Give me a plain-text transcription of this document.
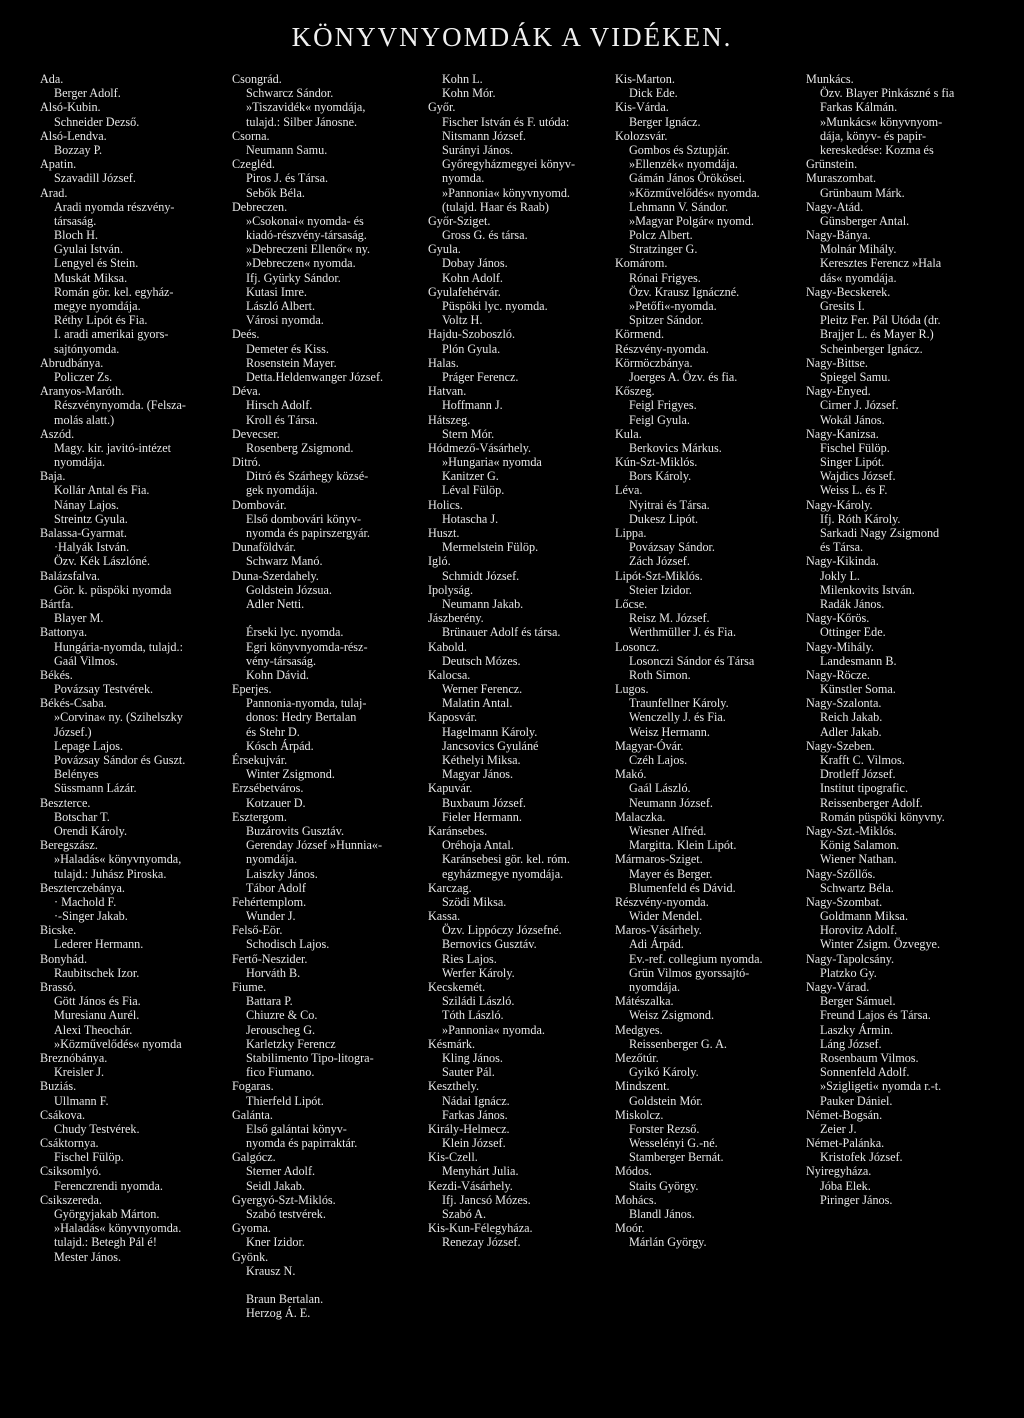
KÖNYVNYOMDÁK A VIDÉKEN.
Ada.
Berger Adolf.
Alsó-Kubin.
Schneider Dezső.
Alsó-Lendva.
Bozzay P.
Apatin.
Szavadill József.
Arad.
Aradi nyomda részvény-
társaság.
Bloch H.
Gyulai István.
Lengyel és Stein.
Muskát Miksa.
Román gör. kel. egyház-
megye nyomdája.
Réthy Lipót és Fia.
I. aradi amerikai gyors-
sajtónyomda.
Abrudbánya.
Policzer Zs.
Aranyos-Maróth.
Részvénynyomda. (Felsza-
molás alatt.)
Aszód.
Magy. kir. javitó-intézet
nyomdája.
Baja.
Kollár Antal és Fia.
Nánay Lajos.
Streintz Gyula.
Balassa-Gyarmat.
·Halyák István.
Özv. Kék Lászlóné.
Balázsfalva.
Gör. k. püspöki nyomda
Bártfa.
Blayer M.
Battonya.
Hungária-nyomda, tulajd.:
Gaál Vilmos.
Békés.
Povázsay Testvérek.
Békés-Csaba.
»Corvina« ny. (Szihelszky
József.)
Lepage Lajos.
Povázsay Sándor és Guszt.
Belényes
Süssmann Lázár.
Beszterce.
Botschar T.
Orendi Károly.
Beregszász.
»Haladás« könyvnyomda,
tulajd.: Juhász Piroska.
Beszterczebánya.
· Machold F.
·-Singer Jakab.
Bicske.
Lederer Hermann.
Bonyhád.
Raubitschek Izor.
Brassó.
Gött János és Fia.
Muresianu Aurél.
Alexi Theochár.
»Közművelődés« nyomda
Breznóbánya.
Kreisler J.
Buziás.
Ullmann F.
Csákova.
Chudy Testvérek.
Csáktornya.
Fischel Fülöp.
Csiksomlyó.
Ferenczrendi nyomda.
Csikszereda.
Györgyjakab Márton.
»Haladás« könyvnyomda.
tulajd.: Betegh Pál é!
Mester János.
Csongrád.
Schwarcz Sándor.
»Tiszavidék« nyomdája,
tulajd.: Silber Jánosne.
Csorna.
Neumann Samu.
Czegléd.
Piros J. és Társa.
Sebők Béla.
Debreczen.
»Csokonai« nyomda- és
kiadó-részvény-társaság.
»Debreczeni Ellenőr« ny.
»Debreczen« nyomda.
Ifj. Gyürky Sándor.
Kutasi Imre.
László Albert.
Városi nyomda.
Deés.
Demeter és Kiss.
Rosenstein Mayer.
Detta.Heldenwanger József.
Déva.
Hirsch Adolf.
Kroll és Társa.
Devecser.
Rosenberg Zsigmond.
Ditró.
Ditró és Szárhegy közsé-
gek nyomdája.
Dombovár.
Első dombovári könyv-
nyomda és papirszergyár.
Dunaföldvár.
Schwarz Manó.
Duna-Szerdahely.
Goldstein Józsua.
Adler Netti.
Érseki lyc. nyomda.
Egri könyvnyomda-rész-
vény-társaság.
Kohn Dávid.
Eperjes.
Pannonia-nyomda, tulaj-
donos: Hedry Bertalan
és Stehr D.
Kósch Árpád.
Érsekujvár.
Winter Zsigmond.
Erzsébetváros.
Kotzauer D.
Esztergom.
Buzárovits Gusztáv.
Gerenday József »Hunnia«-
nyomdája.
Laiszky János.
Tábor Adolf
Fehértemplom.
Wunder J.
Felső-Eör.
Schodisch Lajos.
Fertő-Neszider.
Horváth B.
Fiume.
Battara P.
Chiuzre & Co.
Jerouscheg G.
Karletzky Ferencz
Stabilimento Tipo-litogra-
fico Fiumano.
Fogaras.
Thierfeld Lipót.
Galánta.
Első galántai könyv-
nyomda és papirraktár.
Galgócz.
Sterner Adolf.
Seidl Jakab.
Gyergyó-Szt-Miklós.
Szabó testvérek.
Gyoma.
Kner Izidor.
Gyönk.
Krausz N.
Braun Bertalan.
Herzog Á. E.
Kohn L.
Kohn Mór.
Győr.
Fischer István és F. utóda:
Nitsmann József.
Surányi János.
Győregyházmegyei könyv-
nyomda.
»Pannonia« könyvnyomd.
(tulajd. Haar és Raab)
Győr-Sziget.
Gross G. és társa.
Gyula.
Dobay János.
Kohn Adolf.
Gyulafehérvár.
Püspöki lyc. nyomda.
Voltz H.
Hajdu-Szoboszló.
Plón Gyula.
Halas.
Práger Ferencz.
Hatvan.
Hoffmann J.
Hátszeg.
Stern Mór.
Hódmező-Vásárhely.
»Hungaria« nyomda
Kanitzer G.
Léval Fülöp.
Holics.
Hotascha J.
Huszt.
Mermelstein Fülöp.
Igló.
Schmidt József.
Ipolyság.
Neumann Jakab.
Jászberény.
Brünauer Adolf és társa.
Kabold.
Deutsch Mózes.
Kalocsa.
Werner Ferencz.
Malatin Antal.
Kaposvár.
Hagelmann Károly.
Jancsovics Gyuláné
Kéthelyi Miksa.
Magyar János.
Kapuvár.
Buxbaum József.
Fieler Hermann.
Karánsebes.
Oréhoja Antal.
Karánsebesi gör. kel. róm.
egyházmegye nyomdája.
Karczag.
Szödi Miksa.
Kassa.
Özv. Lippóczy Józsefné.
Bernovics Gusztáv.
Ries Lajos.
Werfer Károly.
Kecskemét.
Sziládi László.
Tóth László.
»Pannonia« nyomda.
Késmárk.
Kling János.
Sauter Pál.
Keszthely.
Nádai Ignácz.
Farkas János.
Király-Helmecz.
Klein József.
Kis-Czell.
Menyhárt Julia.
Kezdi-Vásárhely.
Ifj. Jancsó Mózes.
Szabó A.
Kis-Kun-Félegyháza.
Renezay József.
Kis-Marton.
Dick Ede.
Kis-Várda.
Berger Ignácz.
Kolozsvár.
Gombos és Sztupjár.
»Ellenzék« nyomdája.
Gámán János Örökösei.
»Közművelődés« nyomda.
Lehmann V. Sándor.
»Magyar Polgár« nyomd.
Polcz Albert.
Stratzinger G.
Komárom.
Rónai Frigyes.
Özv. Krausz Ignáczné.
»Petőfi«-nyomda.
Spitzer Sándor.
Körmend.
Részvény-nyomda.
Körmöczbánya.
Joerges A. Özv. és fia.
Kőszeg.
Feigl Frigyes.
Feigl Gyula.
Kula.
Berkovics Márkus.
Kún-Szt-Miklós.
Bors Károly.
Léva.
Nyitrai és Társa.
Dukesz Lipót.
Lippa.
Povázsay Sándor.
Zách József.
Lipót-Szt-Miklós.
Steier Izidor.
Lőcse.
Reisz M. József.
Werthmüller J. és Fia.
Losoncz.
Losonczi Sándor és Társa
Roth Simon.
Lugos.
Traunfellner Károly.
Wenczelly J. és Fia.
Weisz Hermann.
Magyar-Óvár.
Czéh Lajos.
Makó.
Gaál László.
Neumann József.
Malaczka.
Wiesner Alfréd.
Margitta. Klein Lipót.
Mármaros-Sziget.
Mayer és Berger.
Blumenfeld és Dávid.
Részvény-nyomda.
Wider Mendel.
Maros-Vásárhely.
Adi Árpád.
Ev.-ref. collegium nyomda.
Grün Vilmos gyorssajtó-
nyomdája.
Mátészalka.
Weisz Zsigmond.
Medgyes.
Reissenberger G. A.
Mezőtúr.
Gyikó Károly.
Mindszent.
Goldstein Mór.
Miskolcz.
Forster Rezső.
Wesselényi G.-né.
Stamberger Bernát.
Módos.
Staits György.
Mohács.
Blandl János.
Moór.
Márlán György.
Munkács.
Özv. Blayer Pinkászné s fia
Farkas Kálmán.
»Munkács« könyvnyom-
dája, könyv- és papir-
kereskedése: Kozma és
Grünstein.
Muraszombat.
Grünbaum Márk.
Nagy-Atád.
Günsberger Antal.
Nagy-Bánya.
Molnár Mihály.
Keresztes Ferencz »Hala
dás« nyomdája.
Nagy-Becskerek.
Gresits I.
Pleitz Fer. Pál Utóda (dr.
Brajjer L. és Mayer R.)
Scheinberger Ignácz.
Nagy-Bittse.
Spiegel Samu.
Nagy-Enyed.
Cirner J. József.
Wokál János.
Nagy-Kanizsa.
Fischel Fülöp.
Singer Lipót.
Wajdics József.
Weiss L. és F.
Nagy-Károly.
Ifj. Róth Károly.
Sarkadi Nagy Zsigmond
és Társa.
Nagy-Kikinda.
Jokly L.
Milenkovits István.
Radák János.
Nagy-Kőrös.
Ottinger Ede.
Nagy-Mihály.
Landesmann B.
Nagy-Röcze.
Künstler Soma.
Nagy-Szalonta.
Reich Jakab.
Adler Jakab.
Nagy-Szeben.
Krafft C. Vilmos.
Drotleff József.
Institut tipografic.
Reissenberger Adolf.
Román püspöki könyvny.
Nagy-Szt.-Miklós.
König Salamon.
Wiener Nathan.
Nagy-Szőllős.
Schwartz Béla.
Nagy-Szombat.
Goldmann Miksa.
Horovitz Adolf.
Winter Zsigm. Özvegye.
Nagy-Tapolcsány.
Platzko Gy.
Nagy-Várad.
Berger Sámuel.
Freund Lajos és Társa.
Laszky Ármin.
Láng József.
Rosenbaum Vilmos.
Sonnenfeld Adolf.
»Szigligeti« nyomda r.-t.
Pauker Dániel.
Német-Bogsán.
Zeier J.
Német-Palánka.
Kristofek József.
Nyiregyháza.
Jóba Elek.
Piringer János.
